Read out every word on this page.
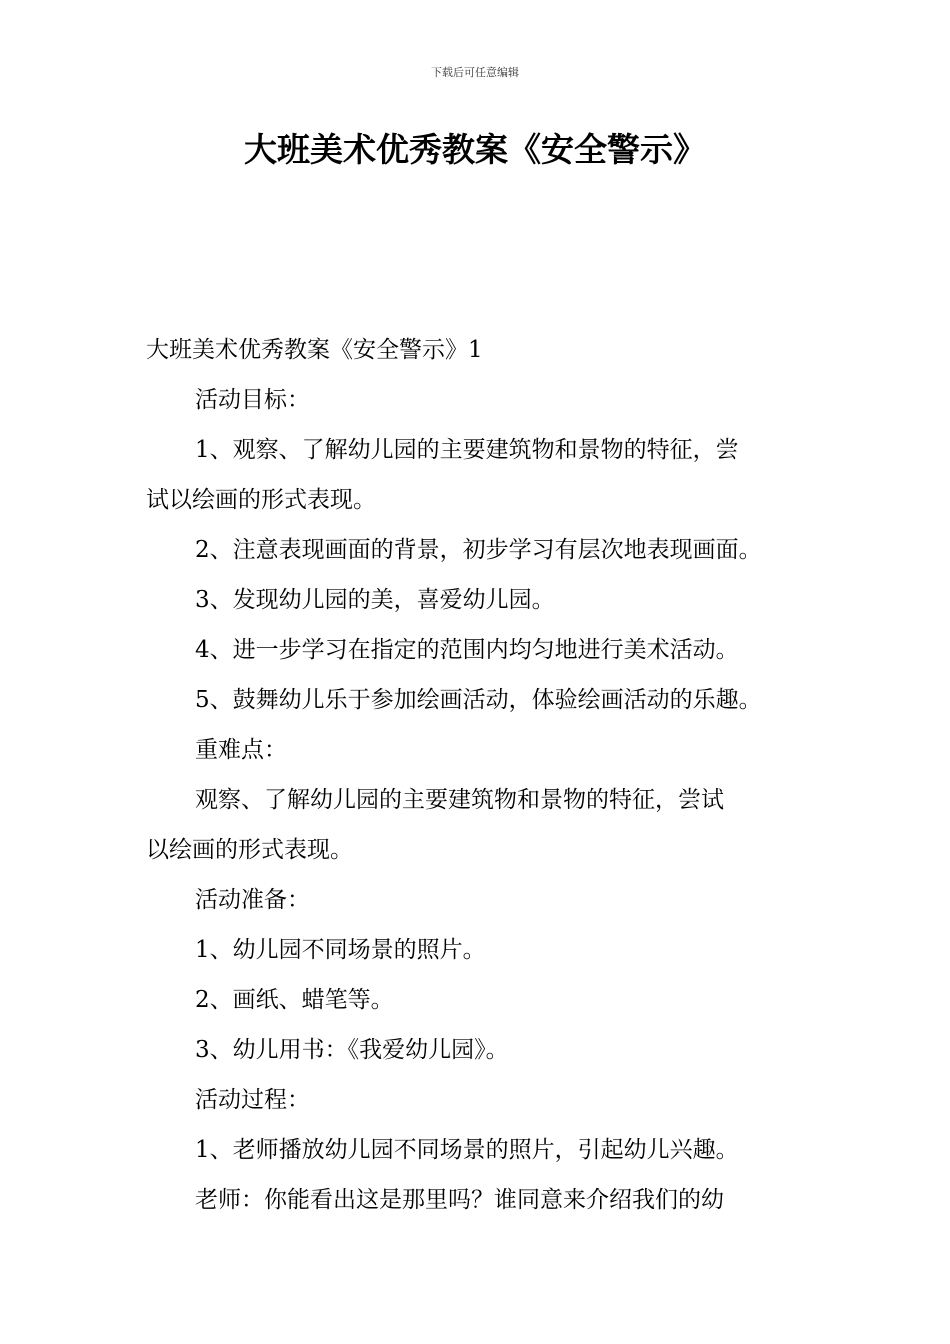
下载后可任意编辑
大班美术优秀教案《安全警示》

大班美术优秀教案《安全警示》1

活动目标：

1、观察、了解幼儿园的主要建筑物和景物的特征，尝

试以绘画的形式表现。

2、注意表现画面的背景，初步学习有层次地表现画面。

3、发现幼儿园的美，喜爱幼儿园。

4、进一步学习在指定的范围内均匀地进行美术活动。

5、鼓舞幼儿乐于参加绘画活动，体验绘画活动的乐趣。

重难点：

观察、了解幼儿园的主要建筑物和景物的特征，尝试

以绘画的形式表现。

活动准备：

1、幼儿园不同场景的照片。

2、画纸、蜡笔等。

3、幼儿用书：《我爱幼儿园》。

活动过程：

1、老师播放幼儿园不同场景的照片，引起幼儿兴趣。

老师：你能看出这是那里吗？谁同意来介绍我们的幼
